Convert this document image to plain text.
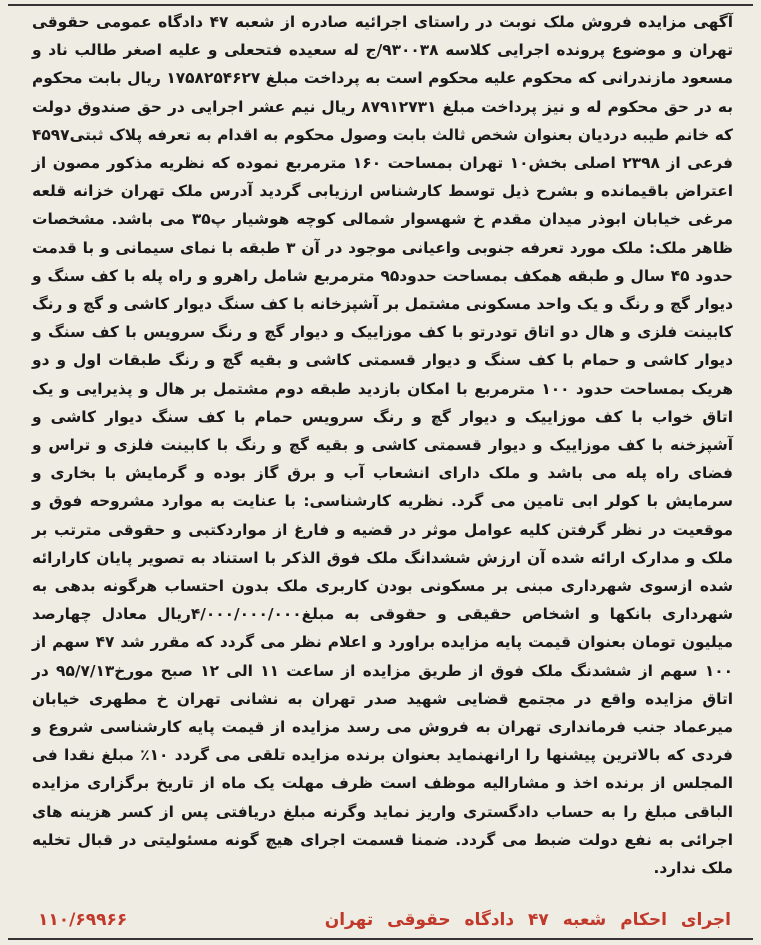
آگهی مزایده فروش ملک نوبت در راستای اجرائیه صادره از شعبه ۴۷ دادگاه عمومی حقوقی تهران و موضوع پرونده اجرایی کلاسه ۹۳۰۰۳۸/ج له سعیده فتحعلی و علیه اصغر طالب ناد و مسعود مازندرانی که محکوم علیه محکوم است به پرداخت مبلغ ۱۷۵۸۲۵۴۶۲۷ ریال بابت محکوم به در حق محکوم له و نیز پرداخت مبلغ ۸۷۹۱۲۷۳۱ ریال نیم عشر اجرایی در حق صندوق دولت که خانم طیبه دردیان بعنوان شخص ثالث بابت وصول محکوم به اقدام به تعرفه پلاک ثبتی۴۵۹۷ فرعی از ۲۳۹۸ اصلی بخش۱۰ تهران بمساحت ۱۶۰ مترمربع نموده که نظریه مذکور مصون از اعتراض باقیمانده و بشرح ذیل توسط کارشناس ارزیابی گردید آدرس ملک تهران خزانه قلعه مرغی خیابان ابوذر میدان مقدم خ شهسوار شمالی کوچه هوشیار پ۳۵ می باشد. مشخصات ظاهر ملک: ملک مورد تعرفه جنوبی واعیانی موجود در آن ۳ طبقه با نمای سیمانی و با قدمت حدود ۴۵ سال و طبقه همکف بمساحت حدود۹۵ مترمربع شامل راهرو و راه پله با کف سنگ و دیوار گچ و رنگ و یک واحد مسکونی مشتمل بر آشپزخانه با کف سنگ دیوار کاشی و گچ و رنگ کابینت فلزی و هال دو اتاق تودرتو با کف موزاییک و دیوار گچ و رنگ سرویس با کف سنگ و دیوار کاشی و حمام با کف سنگ و دیوار قسمتی کاشی و بقیه گچ و رنگ طبقات اول و دو هریک بمساحت حدود ۱۰۰ مترمربع با امکان بازدید طبقه دوم مشتمل بر هال و پذیرایی و یک اتاق خواب با کف موزاییک و دیوار گچ و رنگ سرویس حمام با کف سنگ دیوار کاشی و آشپزخنه با کف موزاییک و دیوار قسمتی کاشی و بقیه گچ و رنگ با کابینت فلزی و تراس و فضای راه پله می باشد و ملک دارای انشعاب آب و برق گاز بوده و گرمایش با بخاری و سرمایش با کولر ابی تامین می گرد. نظریه کارشناسی: با عنایت به موارد مشروحه فوق و موقعیت در نظر گرفتن کلیه عوامل موثر در قضیه و فارغ از مواردکتبی و حقوقی مترتب بر ملک و مدارک ارائه شده آن ارزش ششدانگ ملک فوق الذکر با استناد به تصویر پایان کارارائه شده ازسوی شهرداری مبنی بر مسکونی بودن کاربری ملک بدون احتساب هرگونه بدهی به شهرداری بانکها و اشخاص حقیقی و حقوقی به مبلغ۴/۰۰۰/۰۰۰/۰۰۰ریال معادل چهارصد میلیون تومان بعنوان قیمت پایه مزایده براورد و اعلام نظر می گردد که مقرر شد ۴۷ سهم از ۱۰۰ سهم از ششدنگ ملک فوق از طریق مزایده از ساعت ۱۱ الی ۱۲ صبح مورخ۹۵/۷/۱۳ در اتاق مزایده واقع در مجتمع قضایی شهید صدر تهران به نشانی تهران خ مطهری خیابان میرعماد جنب فرمانداری تهران به فروش می رسد مزایده از قیمت پایه کارشناسی شروع و فردی که بالاترین پیشنها را ارانهنماید بعنوان برنده مزایده تلقی می گردد ۱۰٪ مبلغ نقدا فی المجلس از برنده اخذ و مشارالیه موظف است ظرف مهلت یک ماه از تاریخ برگزاری مزایده الباقی مبلغ را به حساب دادگستری واریز نماید وگرنه مبلغ دریافتی پس از کسر هزینه های اجرائی به نفع دولت ضبط می گردد. ضمنا قسمت اجرای هیچ گونه مسئولیتی در قبال تخلیه ملک ندارد.

اجرای احکام شعبه ۴۷ دادگاه حقوقی تهران
۱۱۰/۶۹۹۶۶
